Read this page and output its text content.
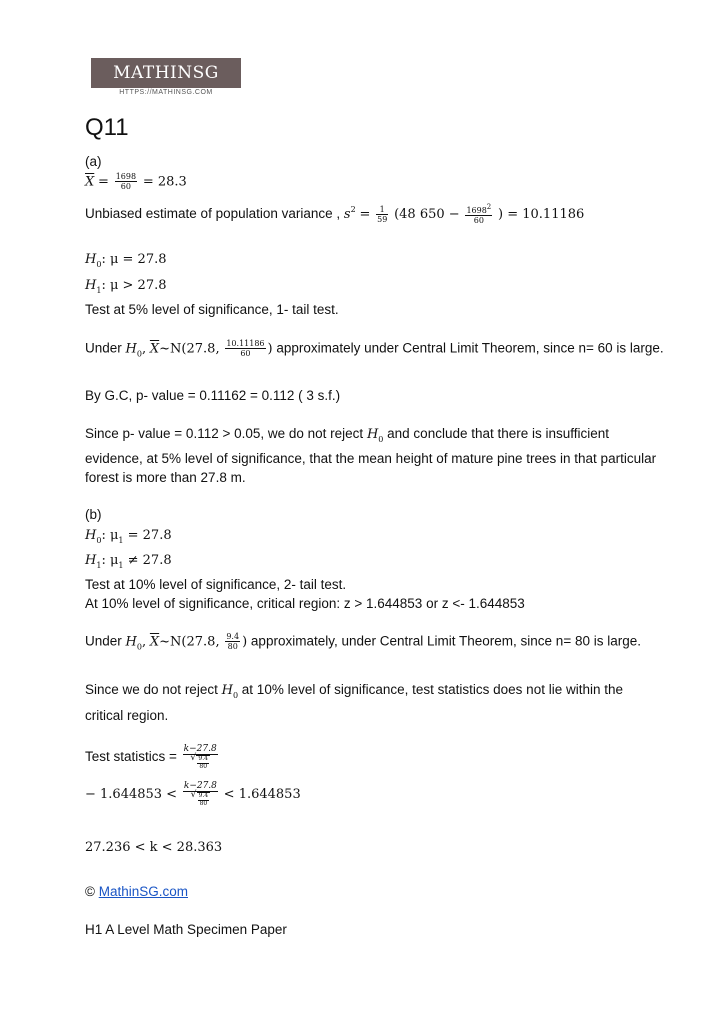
MATHINSG
HTTPS://MATHINSG.COM
Q11
(a)
$\overline{X} = \frac{1698}{60} = 28.3$
Unbiased estimate of population variance , $s^2 = \frac{1}{59} (48$ $650 - \frac{16982}{60}$ ) = 10.11186
$H_0$: μ = 27.8
$H_1$: μ > 27.8
Test at 5% level of significance, 1- tail test.
Under $H_0$, $\overline{X}\sim N(27.8$, $\frac{10.11186}{60}$ ) approximately under Central Limit Theorem, since n= 60 is large.
By G.C, p- value = 0.11162 = 0.112 ( 3 s.f.)
Since p- value = 0.112 > 0.05, we do not reject $H_0$ and conclude that there is insufficient
evidence, at 5% level of significance, that the mean height of mature pine trees in that particular
forest is more than 27.8 m.
(b)
$H_0$: $\mu_1 = 27.8$
$H_1$: $\mu_1 \ne 27.8$
Test at 10% level of significance, 2- tail test.
At 10% level of significance, critical region: z > 1.644853 or z <- 1.644853
Under $H_0$, $\overline{X}\sim N(27.8$, $\frac{9.4}{80}$ ) approximately, under Central Limit Theorem, since n= 80 is large.
Since we do not reject $H_0$ at 10% level of significance, test statistics does not lie within the
critical region.
Test statistics = k−27.8
√ $\frac{9.4}{80}$
− 1.644853 < k−27.8
√ $\frac{9.4}{80} < 1.644853$
27.236 < k < 28.363
© MathinSG.com
H1 A Level Math Specimen Paper
